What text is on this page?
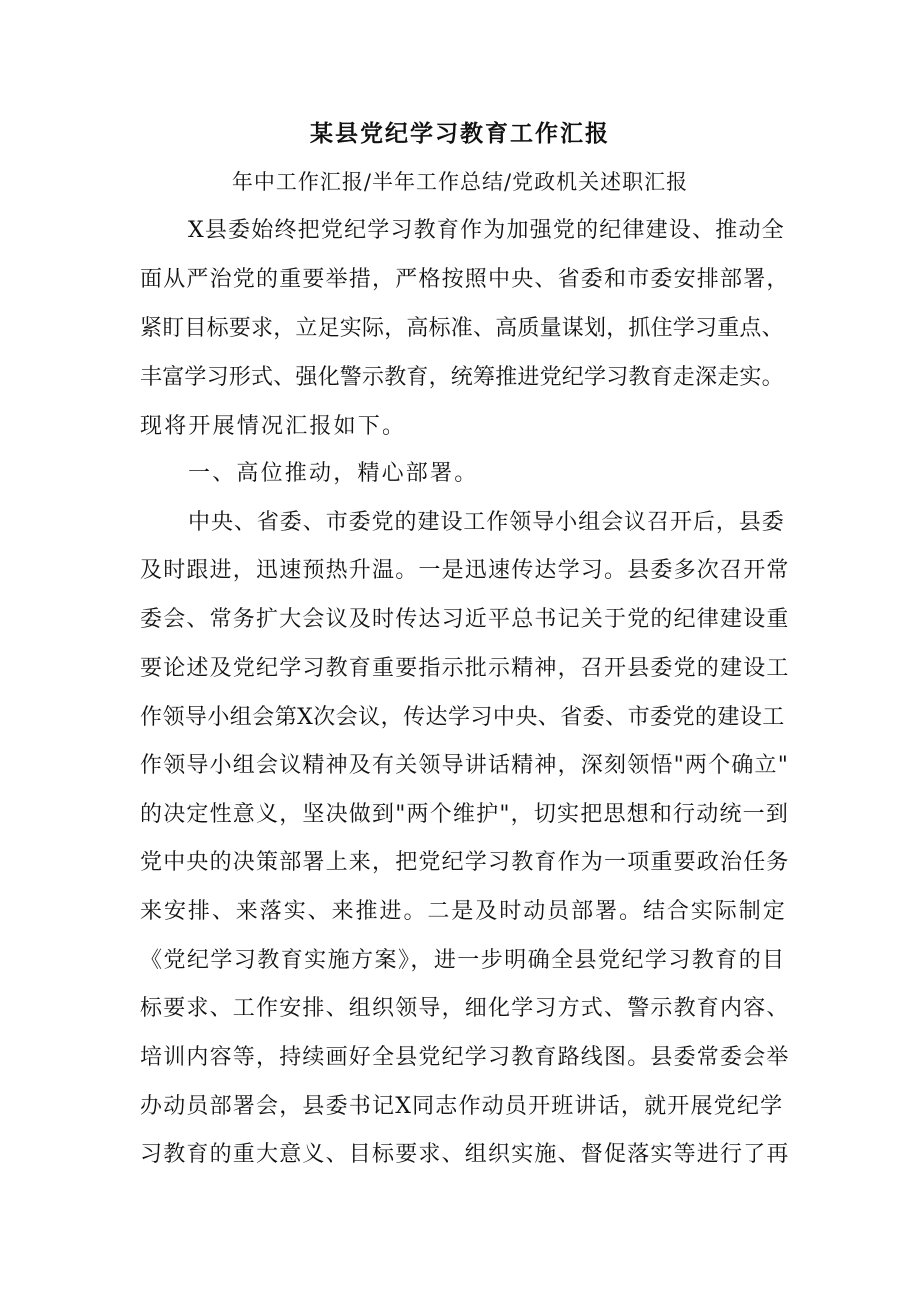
某县党纪学习教育工作汇报
年中工作汇报/半年工作总结/党政机关述职汇报
X县委始终把党纪学习教育作为加强党的纪律建设、推动全
面从严治党的重要举措，严格按照中央、省委和市委安排部署，
紧盯目标要求，立足实际，高标准、高质量谋划，抓住学习重点、
丰富学习形式、强化警示教育，统筹推进党纪学习教育走深走实。
现将开展情况汇报如下。
一、高位推动，精心部署。
中央、省委、市委党的建设工作领导小组会议召开后，县委
及时跟进，迅速预热升温。一是迅速传达学习。县委多次召开常
委会、常务扩大会议及时传达习近平总书记关于党的纪律建设重
要论述及党纪学习教育重要指示批示精神，召开县委党的建设工
作领导小组会第X次会议，传达学习中央、省委、市委党的建设工
作领导小组会议精神及有关领导讲话精神，深刻领悟"两个确立"
的决定性意义，坚决做到"两个维护"，切实把思想和行动统一到
党中央的决策部署上来，把党纪学习教育作为一项重要政治任务
来安排、来落实、来推进。二是及时动员部署。结合实际制定
《党纪学习教育实施方案》，进一步明确全县党纪学习教育的目
标要求、工作安排、组织领导，细化学习方式、警示教育内容、
培训内容等，持续画好全县党纪学习教育路线图。县委常委会举
办动员部署会，县委书记X同志作动员开班讲话，就开展党纪学
习教育的重大意义、目标要求、组织实施、督促落实等进行了再
